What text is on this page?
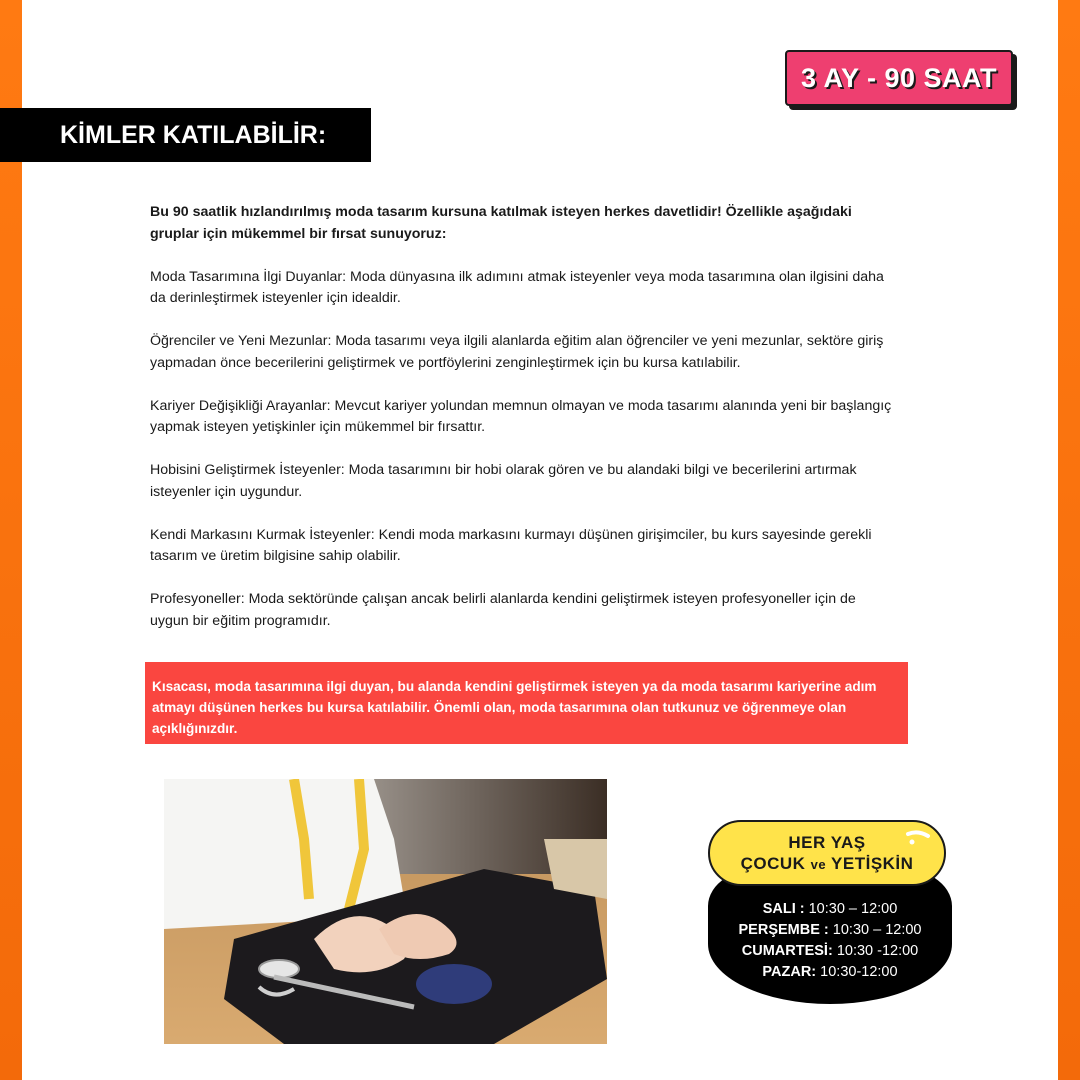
3 AY - 90 SAAT
KİMLER KATILABİLİR:

Bu 90 saatlik hızlandırılmış moda tasarım kursuna katılmak isteyen herkes davetlidir! Özellikle aşağıdaki gruplar için mükemmel bir fırsat sunuyoruz:

Moda Tasarımına İlgi Duyanlar: Moda dünyasına ilk adımını atmak isteyenler veya moda tasarımına olan ilgisini daha da derinleştirmek isteyenler için idealdir.

Öğrenciler ve Yeni Mezunlar: Moda tasarımı veya ilgili alanlarda eğitim alan öğrenciler ve yeni mezunlar, sektöre giriş yapmadan önce becerilerini geliştirmek ve portföylerini zenginleştirmek için bu kursa katılabilir.

Kariyer Değişikliği Arayanlar: Mevcut kariyer yolundan memnun olmayan ve moda tasarımı alanında yeni bir başlangıç yapmak isteyen yetişkinler için mükemmel bir fırsattır.

Hobisini Geliştirmek İsteyenler: Moda tasarımını bir hobi olarak gören ve bu alandaki bilgi ve becerilerini artırmak isteyenler için uygundur.

Kendi Markasını Kurmak İsteyenler: Kendi moda markasını kurmayı düşünen girişimciler, bu kurs sayesinde gerekli tasarım ve üretim bilgisine sahip olabilir.

Profesyoneller: Moda sektöründe çalışan ancak belirli alanlarda kendini geliştirmek isteyen profesyoneller için de uygun bir eğitim programıdır.

Kısacası, moda tasarımına ilgi duyan, bu alanda kendini geliştirmek isteyen ya da moda tasarımı kariyerine adım atmayı düşünen herkes bu kursa katılabilir. Önemli olan, moda tasarımına olan tutkunuz ve öğrenmeye olan açıklığınızdır.
HER YAŞ
ÇOCUK ve YETİŞKİN
SALI : 10:30 – 12:00
PERŞEMBE : 10:30 – 12:00
CUMARTESİ: 10:30 -12:00
PAZAR: 10:30-12:00
